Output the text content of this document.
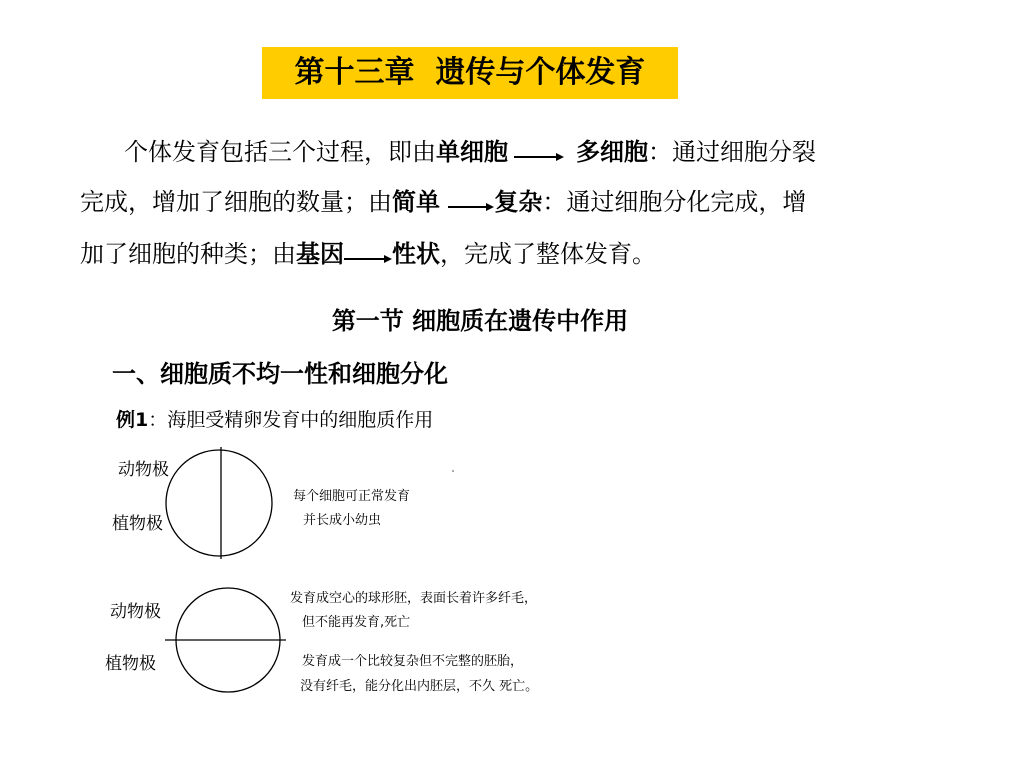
第十三章  遗传与个体发育
个体发育包括三个过程，即由单细胞	多细胞：通过细胞分裂
完成，增加了细胞的数量；由简单 复杂：通过细胞分化完成，增
加了细胞的种类；由基因 性状，完成了整体发育。
第一节 细胞质在遗传中作用
一、细胞质不均一性和细胞分化
例1：海胆受精卵发育中的细胞质作用
动物极
植物极
每个细胞可正常发育
并长成小幼虫
动物极
植物极
发育成空心的球形胚，表面长着许多纤毛，
但不能再发育,死亡
发育成一个比较复杂但不完整的胚胎，
没有纤毛，能分化出内胚层，不久 死亡。
